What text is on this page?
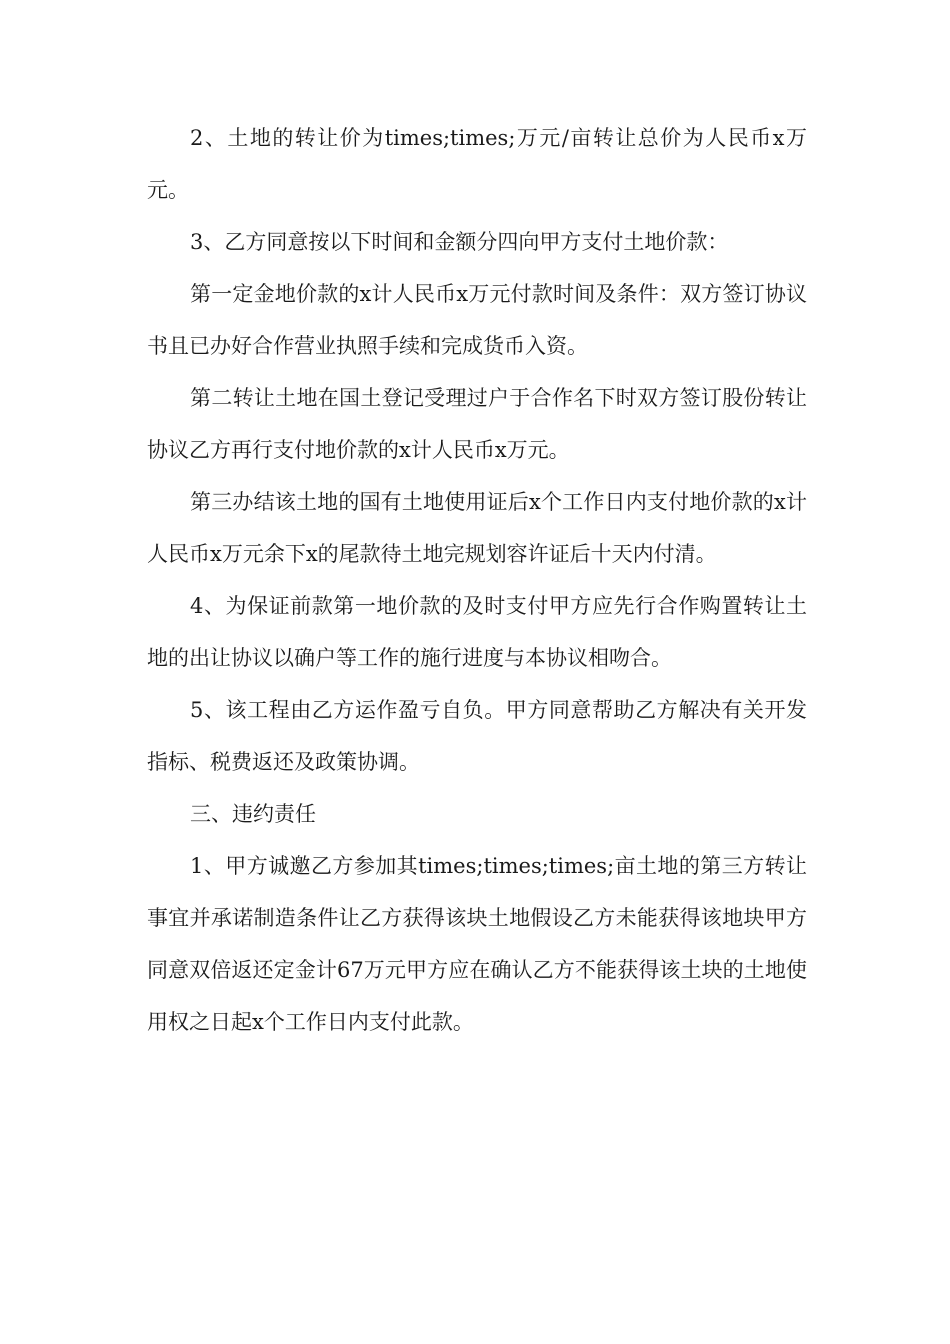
2、土地的转让价为times;times;万元/亩转让总价为人民币x万元。

3、乙方同意按以下时间和金额分四向甲方支付土地价款：

第一定金地价款的x计人民币x万元付款时间及条件：双方签订协议书且已办好合作营业执照手续和完成货币入资。

第二转让土地在国土登记受理过户于合作名下时双方签订股份转让协议乙方再行支付地价款的x计人民币x万元。

第三办结该土地的国有土地使用证后x个工作日内支付地价款的x计人民币x万元余下x的尾款待土地完规划容许证后十天内付清。

4、为保证前款第一地价款的及时支付甲方应先行合作购置转让土地的出让协议以确户等工作的施行进度与本协议相吻合。

5、该工程由乙方运作盈亏自负。甲方同意帮助乙方解决有关开发指标、税费返还及政策协调。

三、违约责任

1、甲方诚邀乙方参加其times;times;times;亩土地的第三方转让事宜并承诺制造条件让乙方获得该块土地假设乙方未能获得该地块甲方同意双倍返还定金计67万元甲方应在确认乙方不能获得该土块的土地使用权之日起x个工作日内支付此款。
